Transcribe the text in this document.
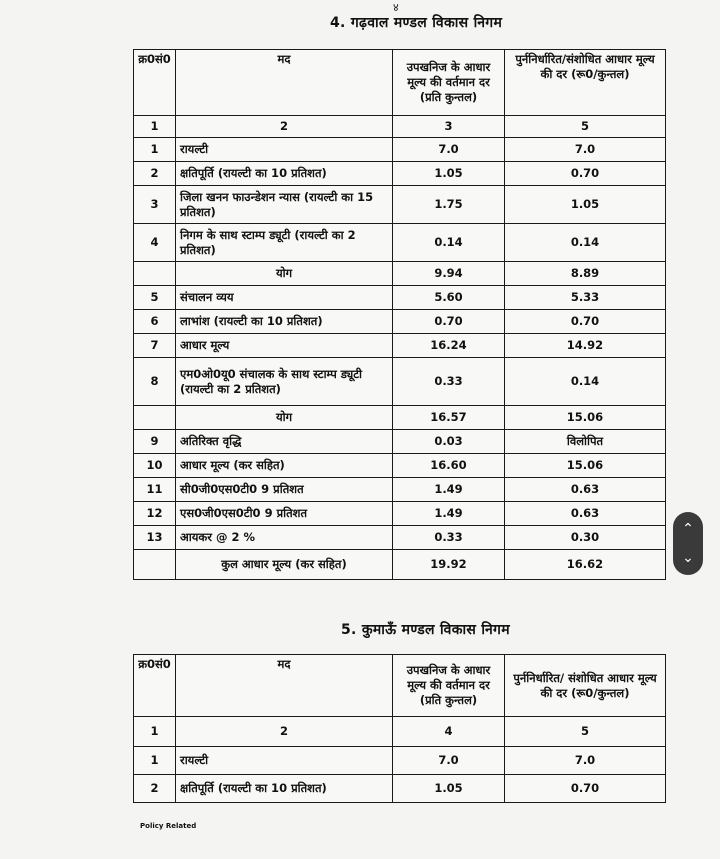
४
4. गढ़वाल मण्डल विकास निगम
क्र0सं0	मद	उपखनिज के आधार मूल्य की वर्तमान दर (प्रति कुन्तल)	पुर्ननिर्धारित/संशोधित आधार मूल्य की दर (रू0/कुन्तल)
1	2	3	5
1	रायल्टी	7.0	7.0
2	क्षतिपूर्ति (रायल्टी का 10 प्रतिशत)	1.05	0.70
3	जिला खनन फाउन्डेशन न्यास (रायल्टी का 15 प्रतिशत)	1.75	1.05
4	निगम के साथ स्टाम्प ड्यूटी (रायल्टी का 2 प्रतिशत)	0.14	0.14
	योग	9.94	8.89
5	संचालन व्यय	5.60	5.33
6	लाभांश (रायल्टी का 10 प्रतिशत)	0.70	0.70
7	आधार मूल्य	16.24	14.92
8	एम0ओ0यू0 संचालक के साथ स्टाम्प ड्यूटी (रायल्टी का 2 प्रतिशत)	0.33	0.14
	योग	16.57	15.06
9	अतिरिक्त वृद्धि	0.03	विलोपित
10	आधार मूल्य (कर सहित)	16.60	15.06
11	सी0जी0एस0टी0 9 प्रतिशत	1.49	0.63
12	एस0जी0एस0टी0 9 प्रतिशत	1.49	0.63
13	आयकर @ 2 %	0.33	0.30
	कुल आधार मूल्य (कर सहित)	19.92	16.62
5. कुमाऊँ मण्डल विकास निगम
क्र0सं0	मद	उपखनिज के आधार मूल्य की वर्तमान दर (प्रति कुन्तल)	पुर्ननिर्धारित/ संशोधित आधार मूल्य की दर (रू0/कुन्तल)
1	2	4	5
1	रायल्टी	7.0	7.0
2	क्षतिपूर्ति (रायल्टी का 10 प्रतिशत)	1.05	0.70
Policy Related
⌃
⌄
